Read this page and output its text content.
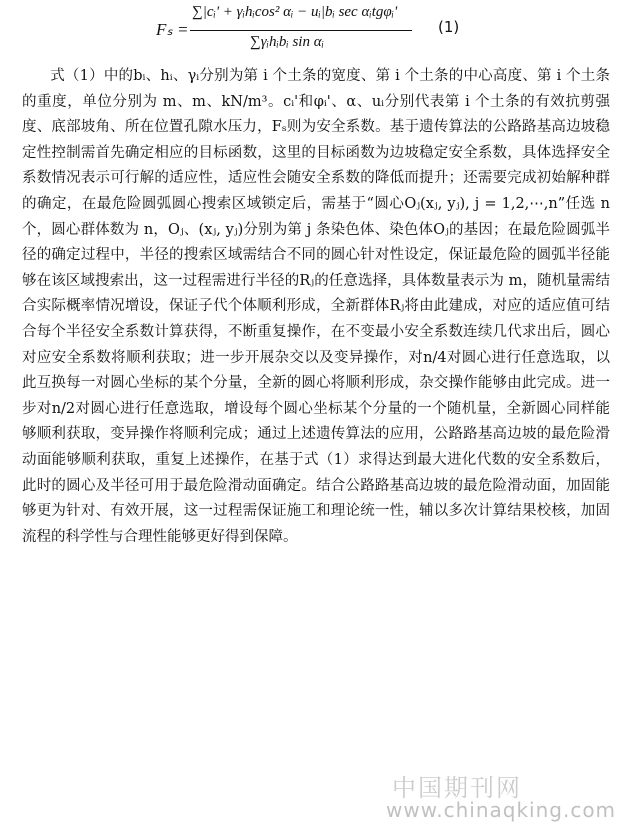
Fₛ =
∑|cᵢ' + γᵢhᵢcos² αᵢ − uᵢ|bᵢ sec αᵢtgφᵢ'
∑γᵢhᵢbᵢ sin αᵢ
(1)

式（1）中的bᵢ、hᵢ、γᵢ分别为第 i 个土条的宽度、第 i 个土条的中心高度、第 i 个土条的重度，单位分别为 m、m、kN/m³。cᵢ'和φᵢ'、α、uᵢ分别代表第 i 个土条的有效抗剪强度、底部坡角、所在位置孔隙水压力，Fₛ则为安全系数。基于遗传算法的公路路基高边坡稳定性控制需首先确定相应的目标函数，这里的目标函数为边坡稳定安全系数，具体选择安全系数情况表示可行解的适应性，适应性会随安全系数的降低而提升；还需要完成初始解种群的确定，在最危险圆弧圆心搜索区域锁定后，需基于“圆心Oⱼ(xⱼ, yⱼ), j = 1,2,⋯,n”任选 n 个，圆心群体数为 n，Oⱼ、(xⱼ, yⱼ)分别为第 j 条染色体、染色体Oⱼ的基因；在最危险圆弧半径的确定过程中，半径的搜索区域需结合不同的圆心针对性设定，保证最危险的圆弧半径能够在该区域搜索出，这一过程需进行半径的Rⱼ的任意选择，具体数量表示为 m，随机量需结合实际概率情况增设，保证子代个体顺利形成，全新群体Rⱼ将由此建成，对应的适应值可结合每个半径安全系数计算获得，不断重复操作，在不变最小安全系数连续几代求出后，圆心对应安全系数将顺利获取；进一步开展杂交以及变异操作，对n/4对圆心进行任意选取，以此互换每一对圆心坐标的某个分量，全新的圆心将顺利形成，杂交操作能够由此完成。进一步对n/2对圆心进行任意选取，增设每个圆心坐标某个分量的一个随机量，全新圆心同样能够顺利获取，变异操作将顺利完成；通过上述遗传算法的应用，公路路基高边坡的最危险滑动面能够顺利获取，重复上述操作，在基于式（1）求得达到最大进化代数的安全系数后，此时的圆心及半径可用于最危险滑动面确定。结合公路路基高边坡的最危险滑动面，加固能够更为针对、有效开展，这一过程需保证施工和理论统一性，辅以多次计算结果校核，加固流程的科学性与合理性能够更好得到保障。

中国期刊网
www.chinaqking.com
